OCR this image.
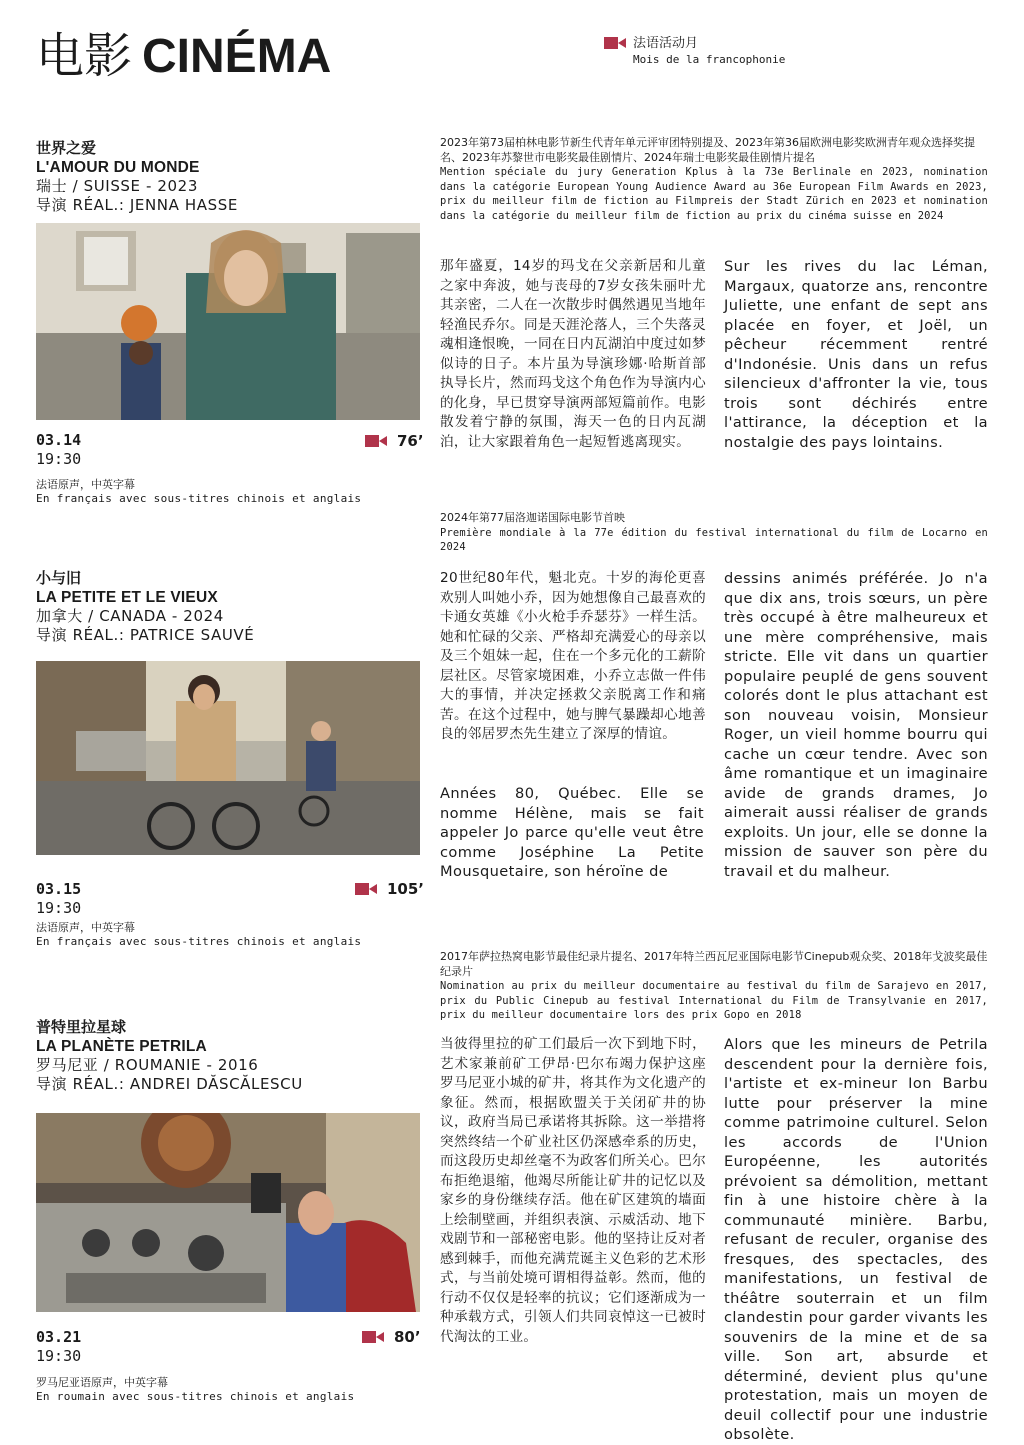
电影 CINÉMA	法语活动月
Mois de la francophonie
世界之爱
L'AMOUR DU MONDE
瑞士 / SUISSE - 2023
导演 RÉAL.: JENNA HASSE
03.14
19:30
76’
法语原声，中英字幕
En français avec sous-titres chinois et anglais
2023年第73届柏林电影节新生代青年单元评审团特别提及、2023年第36届欧洲电影奖欧洲青年观众选择奖提名、2023年苏黎世市电影奖最佳剧情片、2024年瑞士电影奖最佳剧情片提名
Mention spéciale du jury Generation Kplus à la 73e Berlinale en 2023, nomination dans la catégorie European Young Audience Award au 36e European Film Awards en 2023, prix du meilleur film de fiction au Filmpreis der Stadt Zürich en 2023 et nomination dans la catégorie du meilleur film de fiction au prix du cinéma suisse en 2024
那年盛夏，14岁的玛戈在父亲新居和儿童之家中奔波，她与丧母的7岁女孩朱丽叶尤其亲密，二人在一次散步时偶然遇见当地年轻渔民乔尔。同是天涯沦落人，三个失落灵魂相逢恨晚，一同在日内瓦湖泊中度过如梦似诗的日子。本片虽为导演珍娜·哈斯首部执导长片，然而玛戈这个角色作为导演内心的化身，早已贯穿导演两部短篇前作。电影散发着宁静的氛围，海天一色的日内瓦湖泊，让大家跟着角色一起短暂逃离现实。
Sur les rives du lac Léman, Margaux, quatorze ans, rencontre Juliette, une enfant de sept ans placée en foyer, et Joël, un pêcheur récemment rentré d'Indonésie. Unis dans un refus silencieux d'affronter la vie, tous trois sont déchirés entre l'attirance, la déception et la nostalgie des pays lointains.
2024年第77届洛迦诺国际电影节首映
Première mondiale à la 77e édition du festival international du film de Locarno en 2024
小与旧
LA PETITE ET LE VIEUX
加拿大 / CANADA - 2024
导演 RÉAL.: PATRICE SAUVÉ
03.15
19:30
105’
法语原声，中英字幕
En français avec sous-titres chinois et anglais
20世纪80年代，魁北克。十岁的海伦更喜欢别人叫她小乔，因为她想像自己最喜欢的卡通女英雄《小火枪手乔瑟芬》一样生活。她和忙碌的父亲、严格却充满爱心的母亲以及三个姐妹一起，住在一个多元化的工薪阶层社区。尽管家境困难，小乔立志做一件伟大的事情，并决定拯救父亲脱离工作和痛苦。在这个过程中，她与脾气暴躁却心地善良的邻居罗杰先生建立了深厚的情谊。
Années 80, Québec. Elle se nomme Hélène, mais se fait appeler Jo parce qu'elle veut être comme Joséphine La Petite Mousquetaire, son héroïne de
dessins animés préférée. Jo n'a que dix ans, trois sœurs, un père très occupé à être malheureux et une mère compréhensive, mais stricte. Elle vit dans un quartier populaire peuplé de gens souvent colorés dont le plus attachant est son nouveau voisin, Monsieur Roger, un vieil homme bourru qui cache un cœur tendre. Avec son âme romantique et un imaginaire avide de grands drames, Jo aimerait aussi réaliser de grands exploits. Un jour, elle se donne la mission de sauver son père du travail et du malheur.
2017年萨拉热窝电影节最佳纪录片提名、2017年特兰西瓦尼亚国际电影节Cinepub观众奖、2018年戈波奖最佳纪录片
Nomination au prix du meilleur documentaire au festival du film de Sarajevo en 2017, prix du Public Cinepub au festival International du Film de Transylvanie en 2017, prix du meilleur documentaire lors des prix Gopo en 2018
普特里拉星球
LA PLANÈTE PETRILA
罗马尼亚 / ROUMANIE - 2016
导演 RÉAL.: ANDREI DĂSCĂLESCU
03.21
19:30
80’
罗马尼亚语原声，中英字幕
En roumain avec sous-titres chinois et anglais
当彼得里拉的矿工们最后一次下到地下时，艺术家兼前矿工伊昂·巴尔布竭力保护这座罗马尼亚小城的矿井，将其作为文化遗产的象征。然而，根据欧盟关于关闭矿井的协议，政府当局已承诺将其拆除。这一举措将突然终结一个矿业社区仍深感牵系的历史，而这段历史却丝毫不为政客们所关心。巴尔布拒绝退缩，他竭尽所能让矿井的记忆以及家乡的身份继续存活。他在矿区建筑的墙面上绘制壁画，并组织表演、示威活动、地下戏剧节和一部秘密电影。他的坚持让反对者感到棘手，而他充满荒诞主义色彩的艺术形式，与当前处境可谓相得益彰。然而，他的行动不仅仅是轻率的抗议；它们逐渐成为一种承载方式，引领人们共同哀悼这一已被时代淘汰的工业。
Alors que les mineurs de Petrila descendent pour la dernière fois, l'artiste et ex-mineur Ion Barbu lutte pour préserver la mine comme patrimoine culturel. Selon les accords de l'Union Européenne, les autorités prévoient sa démolition, mettant fin à une histoire chère à la communauté minière. Barbu, refusant de reculer, organise des fresques, des spectacles, des manifestations, un festival de théâtre souterrain et un film clandestin pour garder vivants les souvenirs de la mine et de sa ville. Son art, absurde et déterminé, devient plus qu'une protestation, mais un moyen de deuil collectif pour une industrie obsolète.
